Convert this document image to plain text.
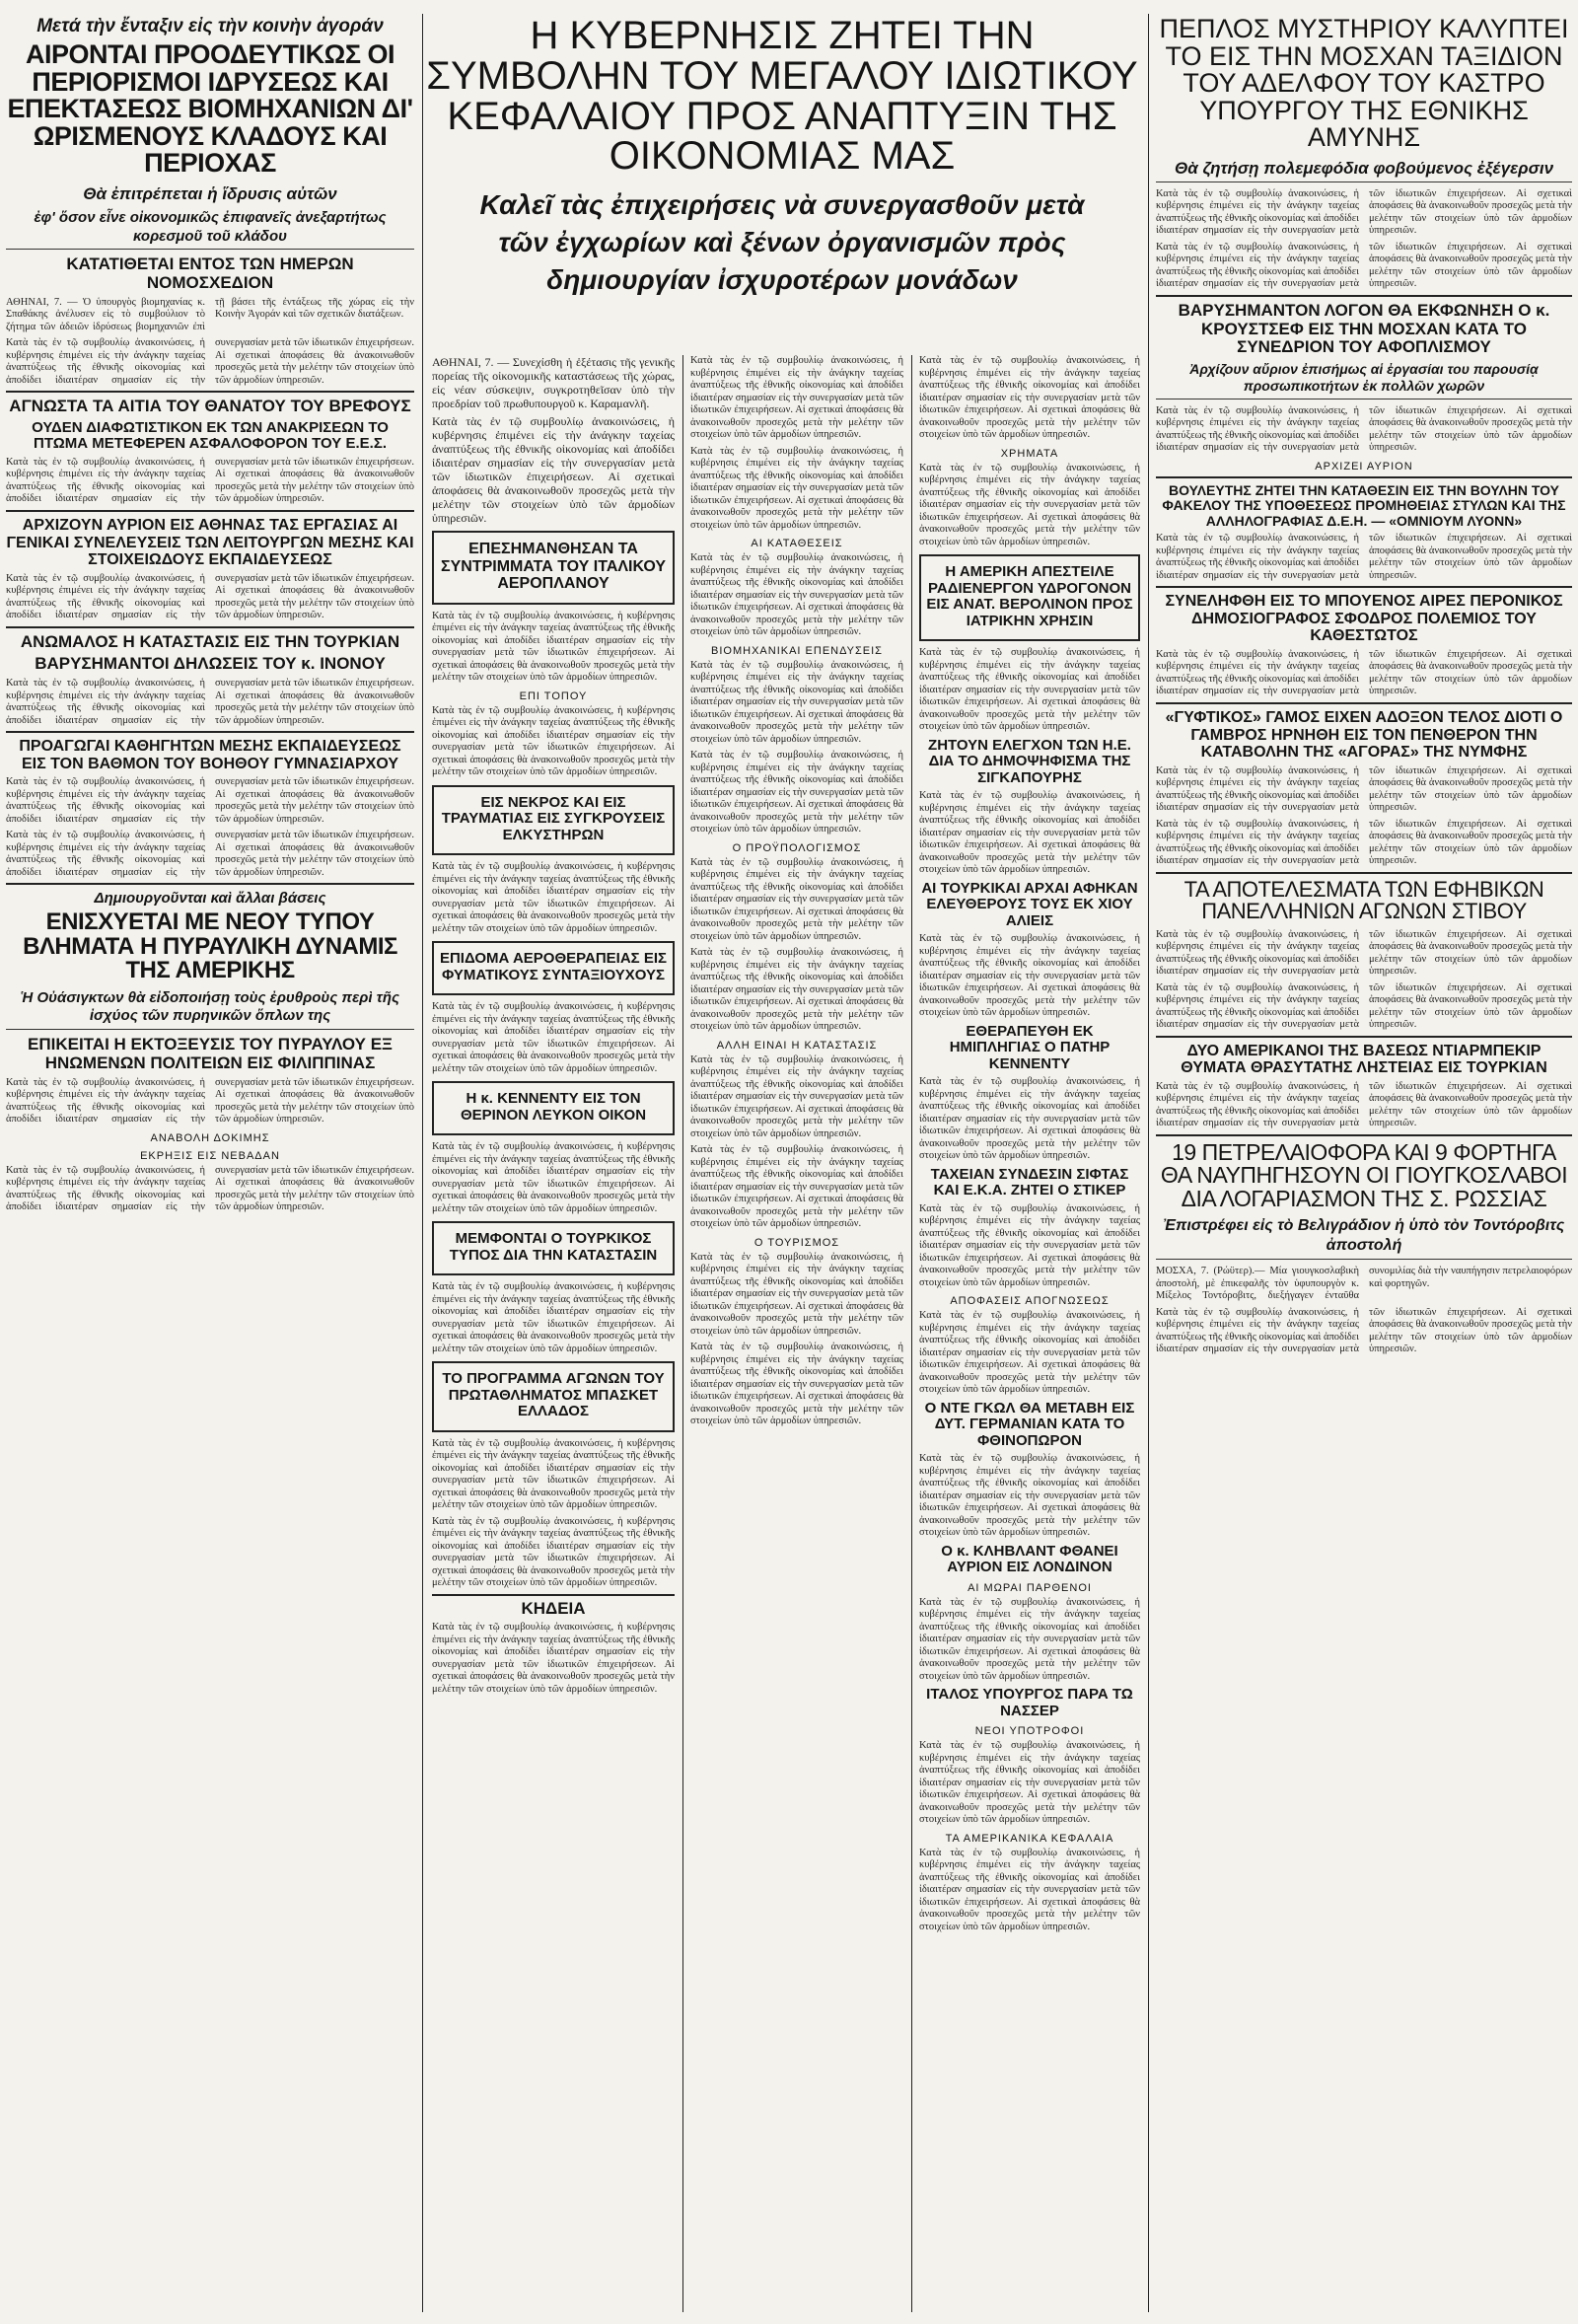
Μετά τὴν ἔνταξιν εἰς τὴν κοινὴν ἀγοράν
ΑΙΡΟΝΤΑΙ ΠΡΟΟΔΕΥΤΙΚΩΣ ΟΙ ΠΕΡΙΟΡΙΣΜΟΙ ΙΔΡΥΣΕΩΣ ΚΑΙ ΕΠΕΚΤΑΣΕΩΣ ΒΙΟΜΗΧΑΝΙΩΝ ΔΙ' ΩΡΙΣΜΕΝΟΥΣ ΚΛΑΔΟΥΣ ΚΑΙ ΠΕΡΙΟΧΑΣ
Θὰ ἐπιτρέπεται ἡ ἵδρυσις αὐτῶν
ἐφ' ὅσον εἶνε οἰκονομικῶς ἐπιφανεῖς ἀνεξαρτήτως κορεσμοῦ τοῦ κλάδου
ΚΑΤΑΤΙΘΕΤΑΙ ΕΝΤΟΣ ΤΩΝ ΗΜΕΡΩΝ ΝΟΜΟΣΧΕΔΙΟΝ
ΑΘΗΝΑΙ, 7. — Ὁ ὑπουργὸς βιομηχανίας κ. Σπαθάκης ἀνέλυσεν εἰς τὸ συμβούλιον τὸ ζήτημα τῶν ἀδειῶν ἱδρύσεως βιομηχανιῶν ἐπὶ τῇ βάσει τῆς ἐντάξεως τῆς χώρας εἰς τὴν Κοινὴν Ἀγοράν καὶ τῶν σχετικῶν διατάξεων.
Κατὰ τὰς ἐν τῷ συμβουλίῳ ἀνακοινώσεις, ἡ κυβέρνησις ἐπιμένει εἰς τὴν ἀνάγκην ταχείας ἀναπτύξεως τῆς ἐθνικῆς οἰκονομίας καὶ ἀποδίδει ἰδιαιτέραν σημασίαν εἰς τὴν συνεργασίαν μετὰ τῶν ἰδιωτικῶν ἐπιχειρήσεων. Αἱ σχετικαὶ ἀποφάσεις θὰ ἀνακοινωθοῦν προσεχῶς μετὰ τὴν μελέτην τῶν στοιχείων ὑπὸ τῶν ἁρμοδίων ὑπηρεσιῶν.
ΑΓΝΩΣΤΑ ΤΑ ΑΙΤΙΑ ΤΟΥ ΘΑΝΑΤΟΥ ΤΟΥ ΒΡΕΦΟΥΣ
ΟΥΔΕΝ ΔΙΑΦΩΤΙΣΤΙΚΟΝ ΕΚ ΤΩΝ ΑΝΑΚΡΙΣΕΩΝ ΤΟ ΠΤΩΜΑ ΜΕΤΕΦΕΡΕΝ ΑΣΦΑΛΟΦΟΡΟΝ ΤΟΥ Ε.Ε.Σ.
Κατὰ τὰς ἐν τῷ συμβουλίῳ ἀνακοινώσεις, ἡ κυβέρνησις ἐπιμένει εἰς τὴν ἀνάγκην ταχείας ἀναπτύξεως τῆς ἐθνικῆς οἰκονομίας καὶ ἀποδίδει ἰδιαιτέραν σημασίαν εἰς τὴν συνεργασίαν μετὰ τῶν ἰδιωτικῶν ἐπιχειρήσεων. Αἱ σχετικαὶ ἀποφάσεις θὰ ἀνακοινωθοῦν προσεχῶς μετὰ τὴν μελέτην τῶν στοιχείων ὑπὸ τῶν ἁρμοδίων ὑπηρεσιῶν.
ΑΡΧΙΖΟΥΝ ΑΥΡΙΟΝ ΕΙΣ ΑΘΗΝΑΣ ΤΑΣ ΕΡΓΑΣΙΑΣ ΑΙ ΓΕΝΙΚΑΙ ΣΥΝΕΛΕΥΣΕΙΣ ΤΩΝ ΛΕΙΤΟΥΡΓΩΝ ΜΕΣΗΣ ΚΑΙ ΣΤΟΙΧΕΙΩΔΟΥΣ ΕΚΠΑΙΔΕΥΣΕΩΣ
Κατὰ τὰς ἐν τῷ συμβουλίῳ ἀνακοινώσεις, ἡ κυβέρνησις ἐπιμένει εἰς τὴν ἀνάγκην ταχείας ἀναπτύξεως τῆς ἐθνικῆς οἰκονομίας καὶ ἀποδίδει ἰδιαιτέραν σημασίαν εἰς τὴν συνεργασίαν μετὰ τῶν ἰδιωτικῶν ἐπιχειρήσεων. Αἱ σχετικαὶ ἀποφάσεις θὰ ἀνακοινωθοῦν προσεχῶς μετὰ τὴν μελέτην τῶν στοιχείων ὑπὸ τῶν ἁρμοδίων ὑπηρεσιῶν.
ΑΝΩΜΑΛΟΣ Η ΚΑΤΑΣΤΑΣΙΣ ΕΙΣ ΤΗΝ ΤΟΥΡΚΙΑΝ
ΒΑΡΥΣΗΜΑΝΤΟΙ ΔΗΛΩΣΕΙΣ ΤΟΥ κ. ΙΝΟΝΟΥ
Κατὰ τὰς ἐν τῷ συμβουλίῳ ἀνακοινώσεις, ἡ κυβέρνησις ἐπιμένει εἰς τὴν ἀνάγκην ταχείας ἀναπτύξεως τῆς ἐθνικῆς οἰκονομίας καὶ ἀποδίδει ἰδιαιτέραν σημασίαν εἰς τὴν συνεργασίαν μετὰ τῶν ἰδιωτικῶν ἐπιχειρήσεων. Αἱ σχετικαὶ ἀποφάσεις θὰ ἀνακοινωθοῦν προσεχῶς μετὰ τὴν μελέτην τῶν στοιχείων ὑπὸ τῶν ἁρμοδίων ὑπηρεσιῶν.
ΠΡΟΑΓΩΓΑΙ ΚΑΘΗΓΗΤΩΝ ΜΕΣΗΣ ΕΚΠΑΙΔΕΥΣΕΩΣ ΕΙΣ ΤΟΝ ΒΑΘΜΟΝ ΤΟΥ ΒΟΗΘΟΥ ΓΥΜΝΑΣΙΑΡΧΟΥ
Κατὰ τὰς ἐν τῷ συμβουλίῳ ἀνακοινώσεις, ἡ κυβέρνησις ἐπιμένει εἰς τὴν ἀνάγκην ταχείας ἀναπτύξεως τῆς ἐθνικῆς οἰκονομίας καὶ ἀποδίδει ἰδιαιτέραν σημασίαν εἰς τὴν συνεργασίαν μετὰ τῶν ἰδιωτικῶν ἐπιχειρήσεων. Αἱ σχετικαὶ ἀποφάσεις θὰ ἀνακοινωθοῦν προσεχῶς μετὰ τὴν μελέτην τῶν στοιχείων ὑπὸ τῶν ἁρμοδίων ὑπηρεσιῶν.
Κατὰ τὰς ἐν τῷ συμβουλίῳ ἀνακοινώσεις, ἡ κυβέρνησις ἐπιμένει εἰς τὴν ἀνάγκην ταχείας ἀναπτύξεως τῆς ἐθνικῆς οἰκονομίας καὶ ἀποδίδει ἰδιαιτέραν σημασίαν εἰς τὴν συνεργασίαν μετὰ τῶν ἰδιωτικῶν ἐπιχειρήσεων. Αἱ σχετικαὶ ἀποφάσεις θὰ ἀνακοινωθοῦν προσεχῶς μετὰ τὴν μελέτην τῶν στοιχείων ὑπὸ τῶν ἁρμοδίων ὑπηρεσιῶν.
Δημιουργοῦνται καὶ ἄλλαι βάσεις
ΕΝΙΣΧΥΕΤΑΙ ΜΕ ΝΕΟΥ ΤΥΠΟΥ ΒΛΗΜΑΤΑ Η ΠΥΡΑΥΛΙΚΗ ΔΥΝΑΜΙΣ ΤΗΣ ΑΜΕΡΙΚΗΣ
Ἡ Οὐάσιγκτων θὰ εἰδοποιήσῃ τοὺς ἐρυθροὺς περὶ τῆς ἰσχύος τῶν πυρηνικῶν ὅπλων της
ΕΠΙΚΕΙΤΑΙ Η ΕΚΤΟΞΕΥΣΙΣ ΤΟΥ ΠΥΡΑΥΛΟΥ ΕΞ ΗΝΩΜΕΝΩΝ ΠΟΛΙΤΕΙΩΝ ΕΙΣ ΦΙΛΙΠΠΙΝΑΣ
Κατὰ τὰς ἐν τῷ συμβουλίῳ ἀνακοινώσεις, ἡ κυβέρνησις ἐπιμένει εἰς τὴν ἀνάγκην ταχείας ἀναπτύξεως τῆς ἐθνικῆς οἰκονομίας καὶ ἀποδίδει ἰδιαιτέραν σημασίαν εἰς τὴν συνεργασίαν μετὰ τῶν ἰδιωτικῶν ἐπιχειρήσεων. Αἱ σχετικαὶ ἀποφάσεις θὰ ἀνακοινωθοῦν προσεχῶς μετὰ τὴν μελέτην τῶν στοιχείων ὑπὸ τῶν ἁρμοδίων ὑπηρεσιῶν.
ΑΝΑΒΟΛΗ ΔΟΚΙΜΗΣ
ΕΚΡΗΞΙΣ ΕΙΣ ΝΕΒΑΔΑΝ
Κατὰ τὰς ἐν τῷ συμβουλίῳ ἀνακοινώσεις, ἡ κυβέρνησις ἐπιμένει εἰς τὴν ἀνάγκην ταχείας ἀναπτύξεως τῆς ἐθνικῆς οἰκονομίας καὶ ἀποδίδει ἰδιαιτέραν σημασίαν εἰς τὴν συνεργασίαν μετὰ τῶν ἰδιωτικῶν ἐπιχειρήσεων. Αἱ σχετικαὶ ἀποφάσεις θὰ ἀνακοινωθοῦν προσεχῶς μετὰ τὴν μελέτην τῶν στοιχείων ὑπὸ τῶν ἁρμοδίων ὑπηρεσιῶν.
Η ΚΥΒΕΡΝΗΣΙΣ ΖΗΤΕΙ ΤΗΝ ΣΥΜΒΟΛΗΝ ΤΟΥ ΜΕΓΑΛΟΥ ΙΔΙΩΤΙΚΟΥ ΚΕΦΑΛΑΙΟΥ ΠΡΟΣ ΑΝΑΠΤΥΞΙΝ ΤΗΣ ΟΙΚΟΝΟΜΙΑΣ ΜΑΣ
Καλεῖ τὰς ἐπιχειρήσεις νὰ συνεργασθοῦν μετὰ τῶν ἐγχωρίων καὶ ξένων ὀργανισμῶν πρὸς δημιουργίαν ἰσχυροτέρων μονάδων
ΑΘΗΝΑΙ, 7. — Συνεχίσθη ἡ ἐξέτασις τῆς γενικῆς πορείας τῆς οἰκονομικῆς καταστάσεως τῆς χώρας, εἰς νέαν σύσκεψιν, συγκροτηθεῖσαν ὑπὸ τὴν προεδρίαν τοῦ πρωθυπουργοῦ κ. Καραμανλῆ.
Κατὰ τὰς ἐν τῷ συμβουλίῳ ἀνακοινώσεις, ἡ κυβέρνησις ἐπιμένει εἰς τὴν ἀνάγκην ταχείας ἀναπτύξεως τῆς ἐθνικῆς οἰκονομίας καὶ ἀποδίδει ἰδιαιτέραν σημασίαν εἰς τὴν συνεργασίαν μετὰ τῶν ἰδιωτικῶν ἐπιχειρήσεων. Αἱ σχετικαὶ ἀποφάσεις θὰ ἀνακοινωθοῦν προσεχῶς μετὰ τὴν μελέτην τῶν στοιχείων ὑπὸ τῶν ἁρμοδίων ὑπηρεσιῶν.
ΕΠΕΣΗΜΑΝΘΗΣΑΝ ΤΑ ΣΥΝΤΡΙΜΜΑΤΑ ΤΟΥ ΙΤΑΛΙΚΟΥ ΑΕΡΟΠΛΑΝΟΥ
Κατὰ τὰς ἐν τῷ συμβουλίῳ ἀνακοινώσεις, ἡ κυβέρνησις ἐπιμένει εἰς τὴν ἀνάγκην ταχείας ἀναπτύξεως τῆς ἐθνικῆς οἰκονομίας καὶ ἀποδίδει ἰδιαιτέραν σημασίαν εἰς τὴν συνεργασίαν μετὰ τῶν ἰδιωτικῶν ἐπιχειρήσεων. Αἱ σχετικαὶ ἀποφάσεις θὰ ἀνακοινωθοῦν προσεχῶς μετὰ τὴν μελέτην τῶν στοιχείων ὑπὸ τῶν ἁρμοδίων ὑπηρεσιῶν.
ΕΠΙ ΤΟΠΟΥ
Κατὰ τὰς ἐν τῷ συμβουλίῳ ἀνακοινώσεις, ἡ κυβέρνησις ἐπιμένει εἰς τὴν ἀνάγκην ταχείας ἀναπτύξεως τῆς ἐθνικῆς οἰκονομίας καὶ ἀποδίδει ἰδιαιτέραν σημασίαν εἰς τὴν συνεργασίαν μετὰ τῶν ἰδιωτικῶν ἐπιχειρήσεων. Αἱ σχετικαὶ ἀποφάσεις θὰ ἀνακοινωθοῦν προσεχῶς μετὰ τὴν μελέτην τῶν στοιχείων ὑπὸ τῶν ἁρμοδίων ὑπηρεσιῶν.
ΕΙΣ ΝΕΚΡΟΣ ΚΑΙ ΕΙΣ ΤΡΑΥΜΑΤΙΑΣ ΕΙΣ ΣΥΓΚΡΟΥΣΕΙΣ ΕΛΚΥΣΤΗΡΩΝ
Κατὰ τὰς ἐν τῷ συμβουλίῳ ἀνακοινώσεις, ἡ κυβέρνησις ἐπιμένει εἰς τὴν ἀνάγκην ταχείας ἀναπτύξεως τῆς ἐθνικῆς οἰκονομίας καὶ ἀποδίδει ἰδιαιτέραν σημασίαν εἰς τὴν συνεργασίαν μετὰ τῶν ἰδιωτικῶν ἐπιχειρήσεων. Αἱ σχετικαὶ ἀποφάσεις θὰ ἀνακοινωθοῦν προσεχῶς μετὰ τὴν μελέτην τῶν στοιχείων ὑπὸ τῶν ἁρμοδίων ὑπηρεσιῶν.
ΕΠΙΔΟΜΑ ΑΕΡΟΘΕΡΑΠΕΙΑΣ ΕΙΣ ΦΥΜΑΤΙΚΟΥΣ ΣΥΝΤΑΞΙΟΥΧΟΥΣ
Κατὰ τὰς ἐν τῷ συμβουλίῳ ἀνακοινώσεις, ἡ κυβέρνησις ἐπιμένει εἰς τὴν ἀνάγκην ταχείας ἀναπτύξεως τῆς ἐθνικῆς οἰκονομίας καὶ ἀποδίδει ἰδιαιτέραν σημασίαν εἰς τὴν συνεργασίαν μετὰ τῶν ἰδιωτικῶν ἐπιχειρήσεων. Αἱ σχετικαὶ ἀποφάσεις θὰ ἀνακοινωθοῦν προσεχῶς μετὰ τὴν μελέτην τῶν στοιχείων ὑπὸ τῶν ἁρμοδίων ὑπηρεσιῶν.
Η κ. ΚΕΝΝΕΝΤΥ ΕΙΣ ΤΟΝ ΘΕΡΙΝΟΝ ΛΕΥΚΟΝ ΟΙΚΟΝ
Κατὰ τὰς ἐν τῷ συμβουλίῳ ἀνακοινώσεις, ἡ κυβέρνησις ἐπιμένει εἰς τὴν ἀνάγκην ταχείας ἀναπτύξεως τῆς ἐθνικῆς οἰκονομίας καὶ ἀποδίδει ἰδιαιτέραν σημασίαν εἰς τὴν συνεργασίαν μετὰ τῶν ἰδιωτικῶν ἐπιχειρήσεων. Αἱ σχετικαὶ ἀποφάσεις θὰ ἀνακοινωθοῦν προσεχῶς μετὰ τὴν μελέτην τῶν στοιχείων ὑπὸ τῶν ἁρμοδίων ὑπηρεσιῶν.
ΜΕΜΦΟΝΤΑΙ Ο ΤΟΥΡΚΙΚΟΣ ΤΥΠΟΣ ΔΙΑ ΤΗΝ ΚΑΤΑΣΤΑΣΙΝ
Κατὰ τὰς ἐν τῷ συμβουλίῳ ἀνακοινώσεις, ἡ κυβέρνησις ἐπιμένει εἰς τὴν ἀνάγκην ταχείας ἀναπτύξεως τῆς ἐθνικῆς οἰκονομίας καὶ ἀποδίδει ἰδιαιτέραν σημασίαν εἰς τὴν συνεργασίαν μετὰ τῶν ἰδιωτικῶν ἐπιχειρήσεων. Αἱ σχετικαὶ ἀποφάσεις θὰ ἀνακοινωθοῦν προσεχῶς μετὰ τὴν μελέτην τῶν στοιχείων ὑπὸ τῶν ἁρμοδίων ὑπηρεσιῶν.
ΤΟ ΠΡΟΓΡΑΜΜΑ ΑΓΩΝΩΝ ΤΟΥ ΠΡΩΤΑΘΛΗΜΑΤΟΣ ΜΠΑΣΚΕΤ ΕΛΛΑΔΟΣ
Κατὰ τὰς ἐν τῷ συμβουλίῳ ἀνακοινώσεις, ἡ κυβέρνησις ἐπιμένει εἰς τὴν ἀνάγκην ταχείας ἀναπτύξεως τῆς ἐθνικῆς οἰκονομίας καὶ ἀποδίδει ἰδιαιτέραν σημασίαν εἰς τὴν συνεργασίαν μετὰ τῶν ἰδιωτικῶν ἐπιχειρήσεων. Αἱ σχετικαὶ ἀποφάσεις θὰ ἀνακοινωθοῦν προσεχῶς μετὰ τὴν μελέτην τῶν στοιχείων ὑπὸ τῶν ἁρμοδίων ὑπηρεσιῶν.
Κατὰ τὰς ἐν τῷ συμβουλίῳ ἀνακοινώσεις, ἡ κυβέρνησις ἐπιμένει εἰς τὴν ἀνάγκην ταχείας ἀναπτύξεως τῆς ἐθνικῆς οἰκονομίας καὶ ἀποδίδει ἰδιαιτέραν σημασίαν εἰς τὴν συνεργασίαν μετὰ τῶν ἰδιωτικῶν ἐπιχειρήσεων. Αἱ σχετικαὶ ἀποφάσεις θὰ ἀνακοινωθοῦν προσεχῶς μετὰ τὴν μελέτην τῶν στοιχείων ὑπὸ τῶν ἁρμοδίων ὑπηρεσιῶν.
ΚΗΔΕΙΑ
Κατὰ τὰς ἐν τῷ συμβουλίῳ ἀνακοινώσεις, ἡ κυβέρνησις ἐπιμένει εἰς τὴν ἀνάγκην ταχείας ἀναπτύξεως τῆς ἐθνικῆς οἰκονομίας καὶ ἀποδίδει ἰδιαιτέραν σημασίαν εἰς τὴν συνεργασίαν μετὰ τῶν ἰδιωτικῶν ἐπιχειρήσεων. Αἱ σχετικαὶ ἀποφάσεις θὰ ἀνακοινωθοῦν προσεχῶς μετὰ τὴν μελέτην τῶν στοιχείων ὑπὸ τῶν ἁρμοδίων ὑπηρεσιῶν.
Κατὰ τὰς ἐν τῷ συμβουλίῳ ἀνακοινώσεις, ἡ κυβέρνησις ἐπιμένει εἰς τὴν ἀνάγκην ταχείας ἀναπτύξεως τῆς ἐθνικῆς οἰκονομίας καὶ ἀποδίδει ἰδιαιτέραν σημασίαν εἰς τὴν συνεργασίαν μετὰ τῶν ἰδιωτικῶν ἐπιχειρήσεων. Αἱ σχετικαὶ ἀποφάσεις θὰ ἀνακοινωθοῦν προσεχῶς μετὰ τὴν μελέτην τῶν στοιχείων ὑπὸ τῶν ἁρμοδίων ὑπηρεσιῶν.
Κατὰ τὰς ἐν τῷ συμβουλίῳ ἀνακοινώσεις, ἡ κυβέρνησις ἐπιμένει εἰς τὴν ἀνάγκην ταχείας ἀναπτύξεως τῆς ἐθνικῆς οἰκονομίας καὶ ἀποδίδει ἰδιαιτέραν σημασίαν εἰς τὴν συνεργασίαν μετὰ τῶν ἰδιωτικῶν ἐπιχειρήσεων. Αἱ σχετικαὶ ἀποφάσεις θὰ ἀνακοινωθοῦν προσεχῶς μετὰ τὴν μελέτην τῶν στοιχείων ὑπὸ τῶν ἁρμοδίων ὑπηρεσιῶν.
ΑΙ ΚΑΤΑΘΕΣΕΙΣ
Κατὰ τὰς ἐν τῷ συμβουλίῳ ἀνακοινώσεις, ἡ κυβέρνησις ἐπιμένει εἰς τὴν ἀνάγκην ταχείας ἀναπτύξεως τῆς ἐθνικῆς οἰκονομίας καὶ ἀποδίδει ἰδιαιτέραν σημασίαν εἰς τὴν συνεργασίαν μετὰ τῶν ἰδιωτικῶν ἐπιχειρήσεων. Αἱ σχετικαὶ ἀποφάσεις θὰ ἀνακοινωθοῦν προσεχῶς μετὰ τὴν μελέτην τῶν στοιχείων ὑπὸ τῶν ἁρμοδίων ὑπηρεσιῶν.
ΒΙΟΜΗΧΑΝΙΚΑΙ ΕΠΕΝΔΥΣΕΙΣ
Κατὰ τὰς ἐν τῷ συμβουλίῳ ἀνακοινώσεις, ἡ κυβέρνησις ἐπιμένει εἰς τὴν ἀνάγκην ταχείας ἀναπτύξεως τῆς ἐθνικῆς οἰκονομίας καὶ ἀποδίδει ἰδιαιτέραν σημασίαν εἰς τὴν συνεργασίαν μετὰ τῶν ἰδιωτικῶν ἐπιχειρήσεων. Αἱ σχετικαὶ ἀποφάσεις θὰ ἀνακοινωθοῦν προσεχῶς μετὰ τὴν μελέτην τῶν στοιχείων ὑπὸ τῶν ἁρμοδίων ὑπηρεσιῶν.
Κατὰ τὰς ἐν τῷ συμβουλίῳ ἀνακοινώσεις, ἡ κυβέρνησις ἐπιμένει εἰς τὴν ἀνάγκην ταχείας ἀναπτύξεως τῆς ἐθνικῆς οἰκονομίας καὶ ἀποδίδει ἰδιαιτέραν σημασίαν εἰς τὴν συνεργασίαν μετὰ τῶν ἰδιωτικῶν ἐπιχειρήσεων. Αἱ σχετικαὶ ἀποφάσεις θὰ ἀνακοινωθοῦν προσεχῶς μετὰ τὴν μελέτην τῶν στοιχείων ὑπὸ τῶν ἁρμοδίων ὑπηρεσιῶν.
Ο ΠΡΟΫΠΟΛΟΓΙΣΜΟΣ
Κατὰ τὰς ἐν τῷ συμβουλίῳ ἀνακοινώσεις, ἡ κυβέρνησις ἐπιμένει εἰς τὴν ἀνάγκην ταχείας ἀναπτύξεως τῆς ἐθνικῆς οἰκονομίας καὶ ἀποδίδει ἰδιαιτέραν σημασίαν εἰς τὴν συνεργασίαν μετὰ τῶν ἰδιωτικῶν ἐπιχειρήσεων. Αἱ σχετικαὶ ἀποφάσεις θὰ ἀνακοινωθοῦν προσεχῶς μετὰ τὴν μελέτην τῶν στοιχείων ὑπὸ τῶν ἁρμοδίων ὑπηρεσιῶν.
Κατὰ τὰς ἐν τῷ συμβουλίῳ ἀνακοινώσεις, ἡ κυβέρνησις ἐπιμένει εἰς τὴν ἀνάγκην ταχείας ἀναπτύξεως τῆς ἐθνικῆς οἰκονομίας καὶ ἀποδίδει ἰδιαιτέραν σημασίαν εἰς τὴν συνεργασίαν μετὰ τῶν ἰδιωτικῶν ἐπιχειρήσεων. Αἱ σχετικαὶ ἀποφάσεις θὰ ἀνακοινωθοῦν προσεχῶς μετὰ τὴν μελέτην τῶν στοιχείων ὑπὸ τῶν ἁρμοδίων ὑπηρεσιῶν.
ΑΛΛΗ ΕΙΝΑΙ Η ΚΑΤΑΣΤΑΣΙΣ
Κατὰ τὰς ἐν τῷ συμβουλίῳ ἀνακοινώσεις, ἡ κυβέρνησις ἐπιμένει εἰς τὴν ἀνάγκην ταχείας ἀναπτύξεως τῆς ἐθνικῆς οἰκονομίας καὶ ἀποδίδει ἰδιαιτέραν σημασίαν εἰς τὴν συνεργασίαν μετὰ τῶν ἰδιωτικῶν ἐπιχειρήσεων. Αἱ σχετικαὶ ἀποφάσεις θὰ ἀνακοινωθοῦν προσεχῶς μετὰ τὴν μελέτην τῶν στοιχείων ὑπὸ τῶν ἁρμοδίων ὑπηρεσιῶν.
Κατὰ τὰς ἐν τῷ συμβουλίῳ ἀνακοινώσεις, ἡ κυβέρνησις ἐπιμένει εἰς τὴν ἀνάγκην ταχείας ἀναπτύξεως τῆς ἐθνικῆς οἰκονομίας καὶ ἀποδίδει ἰδιαιτέραν σημασίαν εἰς τὴν συνεργασίαν μετὰ τῶν ἰδιωτικῶν ἐπιχειρήσεων. Αἱ σχετικαὶ ἀποφάσεις θὰ ἀνακοινωθοῦν προσεχῶς μετὰ τὴν μελέτην τῶν στοιχείων ὑπὸ τῶν ἁρμοδίων ὑπηρεσιῶν.
Ο ΤΟΥΡΙΣΜΟΣ
Κατὰ τὰς ἐν τῷ συμβουλίῳ ἀνακοινώσεις, ἡ κυβέρνησις ἐπιμένει εἰς τὴν ἀνάγκην ταχείας ἀναπτύξεως τῆς ἐθνικῆς οἰκονομίας καὶ ἀποδίδει ἰδιαιτέραν σημασίαν εἰς τὴν συνεργασίαν μετὰ τῶν ἰδιωτικῶν ἐπιχειρήσεων. Αἱ σχετικαὶ ἀποφάσεις θὰ ἀνακοινωθοῦν προσεχῶς μετὰ τὴν μελέτην τῶν στοιχείων ὑπὸ τῶν ἁρμοδίων ὑπηρεσιῶν.
Κατὰ τὰς ἐν τῷ συμβουλίῳ ἀνακοινώσεις, ἡ κυβέρνησις ἐπιμένει εἰς τὴν ἀνάγκην ταχείας ἀναπτύξεως τῆς ἐθνικῆς οἰκονομίας καὶ ἀποδίδει ἰδιαιτέραν σημασίαν εἰς τὴν συνεργασίαν μετὰ τῶν ἰδιωτικῶν ἐπιχειρήσεων. Αἱ σχετικαὶ ἀποφάσεις θὰ ἀνακοινωθοῦν προσεχῶς μετὰ τὴν μελέτην τῶν στοιχείων ὑπὸ τῶν ἁρμοδίων ὑπηρεσιῶν.
Κατὰ τὰς ἐν τῷ συμβουλίῳ ἀνακοινώσεις, ἡ κυβέρνησις ἐπιμένει εἰς τὴν ἀνάγκην ταχείας ἀναπτύξεως τῆς ἐθνικῆς οἰκονομίας καὶ ἀποδίδει ἰδιαιτέραν σημασίαν εἰς τὴν συνεργασίαν μετὰ τῶν ἰδιωτικῶν ἐπιχειρήσεων. Αἱ σχετικαὶ ἀποφάσεις θὰ ἀνακοινωθοῦν προσεχῶς μετὰ τὴν μελέτην τῶν στοιχείων ὑπὸ τῶν ἁρμοδίων ὑπηρεσιῶν.
ΧΡΗΜΑΤΑ
Κατὰ τὰς ἐν τῷ συμβουλίῳ ἀνακοινώσεις, ἡ κυβέρνησις ἐπιμένει εἰς τὴν ἀνάγκην ταχείας ἀναπτύξεως τῆς ἐθνικῆς οἰκονομίας καὶ ἀποδίδει ἰδιαιτέραν σημασίαν εἰς τὴν συνεργασίαν μετὰ τῶν ἰδιωτικῶν ἐπιχειρήσεων. Αἱ σχετικαὶ ἀποφάσεις θὰ ἀνακοινωθοῦν προσεχῶς μετὰ τὴν μελέτην τῶν στοιχείων ὑπὸ τῶν ἁρμοδίων ὑπηρεσιῶν.
Η ΑΜΕΡΙΚΗ ΑΠΕΣΤΕΙΛΕ ΡΑΔΙΕΝΕΡΓΟΝ ΥΔΡΟΓΟΝΟΝ ΕΙΣ ΑΝΑΤ. ΒΕΡΟΛΙΝΟΝ ΠΡΟΣ ΙΑΤΡΙΚΗΝ ΧΡΗΣΙΝ
Κατὰ τὰς ἐν τῷ συμβουλίῳ ἀνακοινώσεις, ἡ κυβέρνησις ἐπιμένει εἰς τὴν ἀνάγκην ταχείας ἀναπτύξεως τῆς ἐθνικῆς οἰκονομίας καὶ ἀποδίδει ἰδιαιτέραν σημασίαν εἰς τὴν συνεργασίαν μετὰ τῶν ἰδιωτικῶν ἐπιχειρήσεων. Αἱ σχετικαὶ ἀποφάσεις θὰ ἀνακοινωθοῦν προσεχῶς μετὰ τὴν μελέτην τῶν στοιχείων ὑπὸ τῶν ἁρμοδίων ὑπηρεσιῶν.
ΖΗΤΟΥΝ ΕΛΕΓΧΟΝ ΤΩΝ Η.Ε. ΔΙΑ ΤΟ ΔΗΜΟΨΗΦΙΣΜΑ ΤΗΣ ΣΙΓΚΑΠΟΥΡΗΣ
Κατὰ τὰς ἐν τῷ συμβουλίῳ ἀνακοινώσεις, ἡ κυβέρνησις ἐπιμένει εἰς τὴν ἀνάγκην ταχείας ἀναπτύξεως τῆς ἐθνικῆς οἰκονομίας καὶ ἀποδίδει ἰδιαιτέραν σημασίαν εἰς τὴν συνεργασίαν μετὰ τῶν ἰδιωτικῶν ἐπιχειρήσεων. Αἱ σχετικαὶ ἀποφάσεις θὰ ἀνακοινωθοῦν προσεχῶς μετὰ τὴν μελέτην τῶν στοιχείων ὑπὸ τῶν ἁρμοδίων ὑπηρεσιῶν.
ΑΙ ΤΟΥΡΚΙΚΑΙ ΑΡΧΑΙ ΑΦΗΚΑΝ ΕΛΕΥΘΕΡΟΥΣ ΤΟΥΣ ΕΚ ΧΙΟΥ ΑΛΙΕΙΣ
Κατὰ τὰς ἐν τῷ συμβουλίῳ ἀνακοινώσεις, ἡ κυβέρνησις ἐπιμένει εἰς τὴν ἀνάγκην ταχείας ἀναπτύξεως τῆς ἐθνικῆς οἰκονομίας καὶ ἀποδίδει ἰδιαιτέραν σημασίαν εἰς τὴν συνεργασίαν μετὰ τῶν ἰδιωτικῶν ἐπιχειρήσεων. Αἱ σχετικαὶ ἀποφάσεις θὰ ἀνακοινωθοῦν προσεχῶς μετὰ τὴν μελέτην τῶν στοιχείων ὑπὸ τῶν ἁρμοδίων ὑπηρεσιῶν.
ΕΘΕΡΑΠΕΥΘΗ ΕΚ ΗΜΙΠΛΗΓΙΑΣ Ο ΠΑΤΗΡ ΚΕΝΝΕΝΤΥ
Κατὰ τὰς ἐν τῷ συμβουλίῳ ἀνακοινώσεις, ἡ κυβέρνησις ἐπιμένει εἰς τὴν ἀνάγκην ταχείας ἀναπτύξεως τῆς ἐθνικῆς οἰκονομίας καὶ ἀποδίδει ἰδιαιτέραν σημασίαν εἰς τὴν συνεργασίαν μετὰ τῶν ἰδιωτικῶν ἐπιχειρήσεων. Αἱ σχετικαὶ ἀποφάσεις θὰ ἀνακοινωθοῦν προσεχῶς μετὰ τὴν μελέτην τῶν στοιχείων ὑπὸ τῶν ἁρμοδίων ὑπηρεσιῶν.
ΤΑΧΕΙΑΝ ΣΥΝΔΕΣΙΝ ΣΙΦΤΑΣ ΚΑΙ Ε.Κ.Α. ΖΗΤΕΙ Ο ΣΤΙΚΕΡ
Κατὰ τὰς ἐν τῷ συμβουλίῳ ἀνακοινώσεις, ἡ κυβέρνησις ἐπιμένει εἰς τὴν ἀνάγκην ταχείας ἀναπτύξεως τῆς ἐθνικῆς οἰκονομίας καὶ ἀποδίδει ἰδιαιτέραν σημασίαν εἰς τὴν συνεργασίαν μετὰ τῶν ἰδιωτικῶν ἐπιχειρήσεων. Αἱ σχετικαὶ ἀποφάσεις θὰ ἀνακοινωθοῦν προσεχῶς μετὰ τὴν μελέτην τῶν στοιχείων ὑπὸ τῶν ἁρμοδίων ὑπηρεσιῶν.
ΑΠΟΦΑΣΕΙΣ ΑΠΟΓΝΩΣΕΩΣ
Κατὰ τὰς ἐν τῷ συμβουλίῳ ἀνακοινώσεις, ἡ κυβέρνησις ἐπιμένει εἰς τὴν ἀνάγκην ταχείας ἀναπτύξεως τῆς ἐθνικῆς οἰκονομίας καὶ ἀποδίδει ἰδιαιτέραν σημασίαν εἰς τὴν συνεργασίαν μετὰ τῶν ἰδιωτικῶν ἐπιχειρήσεων. Αἱ σχετικαὶ ἀποφάσεις θὰ ἀνακοινωθοῦν προσεχῶς μετὰ τὴν μελέτην τῶν στοιχείων ὑπὸ τῶν ἁρμοδίων ὑπηρεσιῶν.
Ο ΝΤΕ ΓΚΩΛ ΘΑ ΜΕΤΑΒΗ ΕΙΣ ΔΥΤ. ΓΕΡΜΑΝΙΑΝ ΚΑΤΑ ΤΟ ΦΘΙΝΟΠΩΡΟΝ
Κατὰ τὰς ἐν τῷ συμβουλίῳ ἀνακοινώσεις, ἡ κυβέρνησις ἐπιμένει εἰς τὴν ἀνάγκην ταχείας ἀναπτύξεως τῆς ἐθνικῆς οἰκονομίας καὶ ἀποδίδει ἰδιαιτέραν σημασίαν εἰς τὴν συνεργασίαν μετὰ τῶν ἰδιωτικῶν ἐπιχειρήσεων. Αἱ σχετικαὶ ἀποφάσεις θὰ ἀνακοινωθοῦν προσεχῶς μετὰ τὴν μελέτην τῶν στοιχείων ὑπὸ τῶν ἁρμοδίων ὑπηρεσιῶν.
Ο κ. ΚΛΗΒΛΑΝΤ ΦΘΑΝΕΙ ΑΥΡΙΟΝ ΕΙΣ ΛΟΝΔΙΝΟΝ
ΑΙ ΜΩΡΑΙ ΠΑΡΘΕΝΟΙ
Κατὰ τὰς ἐν τῷ συμβουλίῳ ἀνακοινώσεις, ἡ κυβέρνησις ἐπιμένει εἰς τὴν ἀνάγκην ταχείας ἀναπτύξεως τῆς ἐθνικῆς οἰκονομίας καὶ ἀποδίδει ἰδιαιτέραν σημασίαν εἰς τὴν συνεργασίαν μετὰ τῶν ἰδιωτικῶν ἐπιχειρήσεων. Αἱ σχετικαὶ ἀποφάσεις θὰ ἀνακοινωθοῦν προσεχῶς μετὰ τὴν μελέτην τῶν στοιχείων ὑπὸ τῶν ἁρμοδίων ὑπηρεσιῶν.
ΙΤΑΛΟΣ ΥΠΟΥΡΓΟΣ ΠΑΡΑ ΤΩ ΝΑΣΣΕΡ
ΝΕΟΙ ΥΠΟΤΡΟΦΟΙ
Κατὰ τὰς ἐν τῷ συμβουλίῳ ἀνακοινώσεις, ἡ κυβέρνησις ἐπιμένει εἰς τὴν ἀνάγκην ταχείας ἀναπτύξεως τῆς ἐθνικῆς οἰκονομίας καὶ ἀποδίδει ἰδιαιτέραν σημασίαν εἰς τὴν συνεργασίαν μετὰ τῶν ἰδιωτικῶν ἐπιχειρήσεων. Αἱ σχετικαὶ ἀποφάσεις θὰ ἀνακοινωθοῦν προσεχῶς μετὰ τὴν μελέτην τῶν στοιχείων ὑπὸ τῶν ἁρμοδίων ὑπηρεσιῶν.
ΤΑ ΑΜΕΡΙΚΑΝΙΚΑ ΚΕΦΑΛΑΙΑ
Κατὰ τὰς ἐν τῷ συμβουλίῳ ἀνακοινώσεις, ἡ κυβέρνησις ἐπιμένει εἰς τὴν ἀνάγκην ταχείας ἀναπτύξεως τῆς ἐθνικῆς οἰκονομίας καὶ ἀποδίδει ἰδιαιτέραν σημασίαν εἰς τὴν συνεργασίαν μετὰ τῶν ἰδιωτικῶν ἐπιχειρήσεων. Αἱ σχετικαὶ ἀποφάσεις θὰ ἀνακοινωθοῦν προσεχῶς μετὰ τὴν μελέτην τῶν στοιχείων ὑπὸ τῶν ἁρμοδίων ὑπηρεσιῶν.
ΠΕΠΛΟΣ ΜΥΣΤΗΡΙΟΥ ΚΑΛΥΠΤΕΙ ΤΟ ΕΙΣ ΤΗΝ ΜΟΣΧΑΝ ΤΑΞΙΔΙΟΝ ΤΟΥ ΑΔΕΛΦΟΥ ΤΟΥ ΚΑΣΤΡΟ ΥΠΟΥΡΓΟΥ ΤΗΣ ΕΘΝΙΚΗΣ ΑΜΥΝΗΣ
Θὰ ζητήσῃ πολεμεφόδια φοβούμενος ἐξέγερσιν
Κατὰ τὰς ἐν τῷ συμβουλίῳ ἀνακοινώσεις, ἡ κυβέρνησις ἐπιμένει εἰς τὴν ἀνάγκην ταχείας ἀναπτύξεως τῆς ἐθνικῆς οἰκονομίας καὶ ἀποδίδει ἰδιαιτέραν σημασίαν εἰς τὴν συνεργασίαν μετὰ τῶν ἰδιωτικῶν ἐπιχειρήσεων. Αἱ σχετικαὶ ἀποφάσεις θὰ ἀνακοινωθοῦν προσεχῶς μετὰ τὴν μελέτην τῶν στοιχείων ὑπὸ τῶν ἁρμοδίων ὑπηρεσιῶν.
Κατὰ τὰς ἐν τῷ συμβουλίῳ ἀνακοινώσεις, ἡ κυβέρνησις ἐπιμένει εἰς τὴν ἀνάγκην ταχείας ἀναπτύξεως τῆς ἐθνικῆς οἰκονομίας καὶ ἀποδίδει ἰδιαιτέραν σημασίαν εἰς τὴν συνεργασίαν μετὰ τῶν ἰδιωτικῶν ἐπιχειρήσεων. Αἱ σχετικαὶ ἀποφάσεις θὰ ἀνακοινωθοῦν προσεχῶς μετὰ τὴν μελέτην τῶν στοιχείων ὑπὸ τῶν ἁρμοδίων ὑπηρεσιῶν.
ΒΑΡΥΣΗΜΑΝΤΟΝ ΛΟΓΟΝ ΘΑ ΕΚΦΩΝΗΣΗ Ο κ. ΚΡΟΥΣΤΣΕΦ ΕΙΣ ΤΗΝ ΜΟΣΧΑΝ ΚΑΤΑ ΤΟ ΣΥΝΕΔΡΙΟΝ ΤΟΥ ΑΦΟΠΛΙΣΜΟΥ
Ἀρχίζουν αὔριον ἐπισήμως αἱ ἐργασίαι του παρουσίᾳ προσωπικοτήτων ἐκ πολλῶν χωρῶν
Κατὰ τὰς ἐν τῷ συμβουλίῳ ἀνακοινώσεις, ἡ κυβέρνησις ἐπιμένει εἰς τὴν ἀνάγκην ταχείας ἀναπτύξεως τῆς ἐθνικῆς οἰκονομίας καὶ ἀποδίδει ἰδιαιτέραν σημασίαν εἰς τὴν συνεργασίαν μετὰ τῶν ἰδιωτικῶν ἐπιχειρήσεων. Αἱ σχετικαὶ ἀποφάσεις θὰ ἀνακοινωθοῦν προσεχῶς μετὰ τὴν μελέτην τῶν στοιχείων ὑπὸ τῶν ἁρμοδίων ὑπηρεσιῶν.
ΑΡΧΙΖΕΙ ΑΥΡΙΟΝ
ΒΟΥΛΕΥΤΗΣ ΖΗΤΕΙ ΤΗΝ ΚΑΤΑΘΕΣΙΝ ΕΙΣ ΤΗΝ ΒΟΥΛΗΝ ΤΟΥ ΦΑΚΕΛΟΥ ΤΗΣ ΥΠΟΘΕΣΕΩΣ ΠΡΟΜΗΘΕΙΑΣ ΣΤΥΛΩΝ ΚΑΙ ΤΗΣ ΑΛΛΗΛΟΓΡΑΦΙΑΣ Δ.Ε.Η. — «ΟΜΝΙΟΥΜ ΛΥΟΝΝ»
Κατὰ τὰς ἐν τῷ συμβουλίῳ ἀνακοινώσεις, ἡ κυβέρνησις ἐπιμένει εἰς τὴν ἀνάγκην ταχείας ἀναπτύξεως τῆς ἐθνικῆς οἰκονομίας καὶ ἀποδίδει ἰδιαιτέραν σημασίαν εἰς τὴν συνεργασίαν μετὰ τῶν ἰδιωτικῶν ἐπιχειρήσεων. Αἱ σχετικαὶ ἀποφάσεις θὰ ἀνακοινωθοῦν προσεχῶς μετὰ τὴν μελέτην τῶν στοιχείων ὑπὸ τῶν ἁρμοδίων ὑπηρεσιῶν.
ΣΥΝΕΛΗΦΘΗ ΕΙΣ ΤΟ ΜΠΟΥΕΝΟΣ ΑΙΡΕΣ ΠΕΡΟΝΙΚΟΣ ΔΗΜΟΣΙΟΓΡΑΦΟΣ ΣΦΟΔΡΟΣ ΠΟΛΕΜΙΟΣ ΤΟΥ ΚΑΘΕΣΤΩΤΟΣ
Κατὰ τὰς ἐν τῷ συμβουλίῳ ἀνακοινώσεις, ἡ κυβέρνησις ἐπιμένει εἰς τὴν ἀνάγκην ταχείας ἀναπτύξεως τῆς ἐθνικῆς οἰκονομίας καὶ ἀποδίδει ἰδιαιτέραν σημασίαν εἰς τὴν συνεργασίαν μετὰ τῶν ἰδιωτικῶν ἐπιχειρήσεων. Αἱ σχετικαὶ ἀποφάσεις θὰ ἀνακοινωθοῦν προσεχῶς μετὰ τὴν μελέτην τῶν στοιχείων ὑπὸ τῶν ἁρμοδίων ὑπηρεσιῶν.
«ΓΥΦΤΙΚΟΣ» ΓΑΜΟΣ ΕΙΧΕΝ ΑΔΟΞΟΝ ΤΕΛΟΣ ΔΙΟΤΙ Ο ΓΑΜΒΡΟΣ ΗΡΝΗΘΗ ΕΙΣ ΤΟΝ ΠΕΝΘΕΡΟΝ ΤΗΝ ΚΑΤΑΒΟΛΗΝ ΤΗΣ «ΑΓΟΡΑΣ» ΤΗΣ ΝΥΜΦΗΣ
Κατὰ τὰς ἐν τῷ συμβουλίῳ ἀνακοινώσεις, ἡ κυβέρνησις ἐπιμένει εἰς τὴν ἀνάγκην ταχείας ἀναπτύξεως τῆς ἐθνικῆς οἰκονομίας καὶ ἀποδίδει ἰδιαιτέραν σημασίαν εἰς τὴν συνεργασίαν μετὰ τῶν ἰδιωτικῶν ἐπιχειρήσεων. Αἱ σχετικαὶ ἀποφάσεις θὰ ἀνακοινωθοῦν προσεχῶς μετὰ τὴν μελέτην τῶν στοιχείων ὑπὸ τῶν ἁρμοδίων ὑπηρεσιῶν.
Κατὰ τὰς ἐν τῷ συμβουλίῳ ἀνακοινώσεις, ἡ κυβέρνησις ἐπιμένει εἰς τὴν ἀνάγκην ταχείας ἀναπτύξεως τῆς ἐθνικῆς οἰκονομίας καὶ ἀποδίδει ἰδιαιτέραν σημασίαν εἰς τὴν συνεργασίαν μετὰ τῶν ἰδιωτικῶν ἐπιχειρήσεων. Αἱ σχετικαὶ ἀποφάσεις θὰ ἀνακοινωθοῦν προσεχῶς μετὰ τὴν μελέτην τῶν στοιχείων ὑπὸ τῶν ἁρμοδίων ὑπηρεσιῶν.
ΤΑ ΑΠΟΤΕΛΕΣΜΑΤΑ ΤΩΝ ΕΦΗΒΙΚΩΝ ΠΑΝΕΛΛΗΝΙΩΝ ΑΓΩΝΩΝ ΣΤΙΒΟΥ
Κατὰ τὰς ἐν τῷ συμβουλίῳ ἀνακοινώσεις, ἡ κυβέρνησις ἐπιμένει εἰς τὴν ἀνάγκην ταχείας ἀναπτύξεως τῆς ἐθνικῆς οἰκονομίας καὶ ἀποδίδει ἰδιαιτέραν σημασίαν εἰς τὴν συνεργασίαν μετὰ τῶν ἰδιωτικῶν ἐπιχειρήσεων. Αἱ σχετικαὶ ἀποφάσεις θὰ ἀνακοινωθοῦν προσεχῶς μετὰ τὴν μελέτην τῶν στοιχείων ὑπὸ τῶν ἁρμοδίων ὑπηρεσιῶν.
Κατὰ τὰς ἐν τῷ συμβουλίῳ ἀνακοινώσεις, ἡ κυβέρνησις ἐπιμένει εἰς τὴν ἀνάγκην ταχείας ἀναπτύξεως τῆς ἐθνικῆς οἰκονομίας καὶ ἀποδίδει ἰδιαιτέραν σημασίαν εἰς τὴν συνεργασίαν μετὰ τῶν ἰδιωτικῶν ἐπιχειρήσεων. Αἱ σχετικαὶ ἀποφάσεις θὰ ἀνακοινωθοῦν προσεχῶς μετὰ τὴν μελέτην τῶν στοιχείων ὑπὸ τῶν ἁρμοδίων ὑπηρεσιῶν.
ΔΥΟ ΑΜΕΡΙΚΑΝΟΙ ΤΗΣ ΒΑΣΕΩΣ ΝΤΙΑΡΜΠΕΚΙΡ ΘΥΜΑΤΑ ΘΡΑΣΥΤΑΤΗΣ ΛΗΣΤΕΙΑΣ ΕΙΣ ΤΟΥΡΚΙΑΝ
Κατὰ τὰς ἐν τῷ συμβουλίῳ ἀνακοινώσεις, ἡ κυβέρνησις ἐπιμένει εἰς τὴν ἀνάγκην ταχείας ἀναπτύξεως τῆς ἐθνικῆς οἰκονομίας καὶ ἀποδίδει ἰδιαιτέραν σημασίαν εἰς τὴν συνεργασίαν μετὰ τῶν ἰδιωτικῶν ἐπιχειρήσεων. Αἱ σχετικαὶ ἀποφάσεις θὰ ἀνακοινωθοῦν προσεχῶς μετὰ τὴν μελέτην τῶν στοιχείων ὑπὸ τῶν ἁρμοδίων ὑπηρεσιῶν.
19 ΠΕΤΡΕΛΑΙΟΦΟΡΑ ΚΑΙ 9 ΦΟΡΤΗΓΑ ΘΑ ΝΑΥΠΗΓΗΣΟΥΝ ΟΙ ΓΙΟΥΓΚΟΣΛΑΒΟΙ ΔΙΑ ΛΟΓΑΡΙΑΣΜΟΝ ΤΗΣ Σ. ΡΩΣΣΙΑΣ
Ἐπιστρέφει εἰς τὸ Βελιγράδιον ἡ ὑπὸ τὸν Τοντόροβιτς ἀποστολή
ΜΟΣΧΑ, 7. (Ρώϋτερ).— Μία γιουγκοσλαβικὴ ἀποστολή, μὲ ἐπικεφαλῆς τὸν ὑφυπουργὸν κ. Μίξελος Τοντόροβιτς, διεξήγαγεν ἐνταῦθα συνομιλίας διὰ τὴν ναυπήγησιν πετρελαιοφόρων καὶ φορτηγῶν.
Κατὰ τὰς ἐν τῷ συμβουλίῳ ἀνακοινώσεις, ἡ κυβέρνησις ἐπιμένει εἰς τὴν ἀνάγκην ταχείας ἀναπτύξεως τῆς ἐθνικῆς οἰκονομίας καὶ ἀποδίδει ἰδιαιτέραν σημασίαν εἰς τὴν συνεργασίαν μετὰ τῶν ἰδιωτικῶν ἐπιχειρήσεων. Αἱ σχετικαὶ ἀποφάσεις θὰ ἀνακοινωθοῦν προσεχῶς μετὰ τὴν μελέτην τῶν στοιχείων ὑπὸ τῶν ἁρμοδίων ὑπηρεσιῶν.
